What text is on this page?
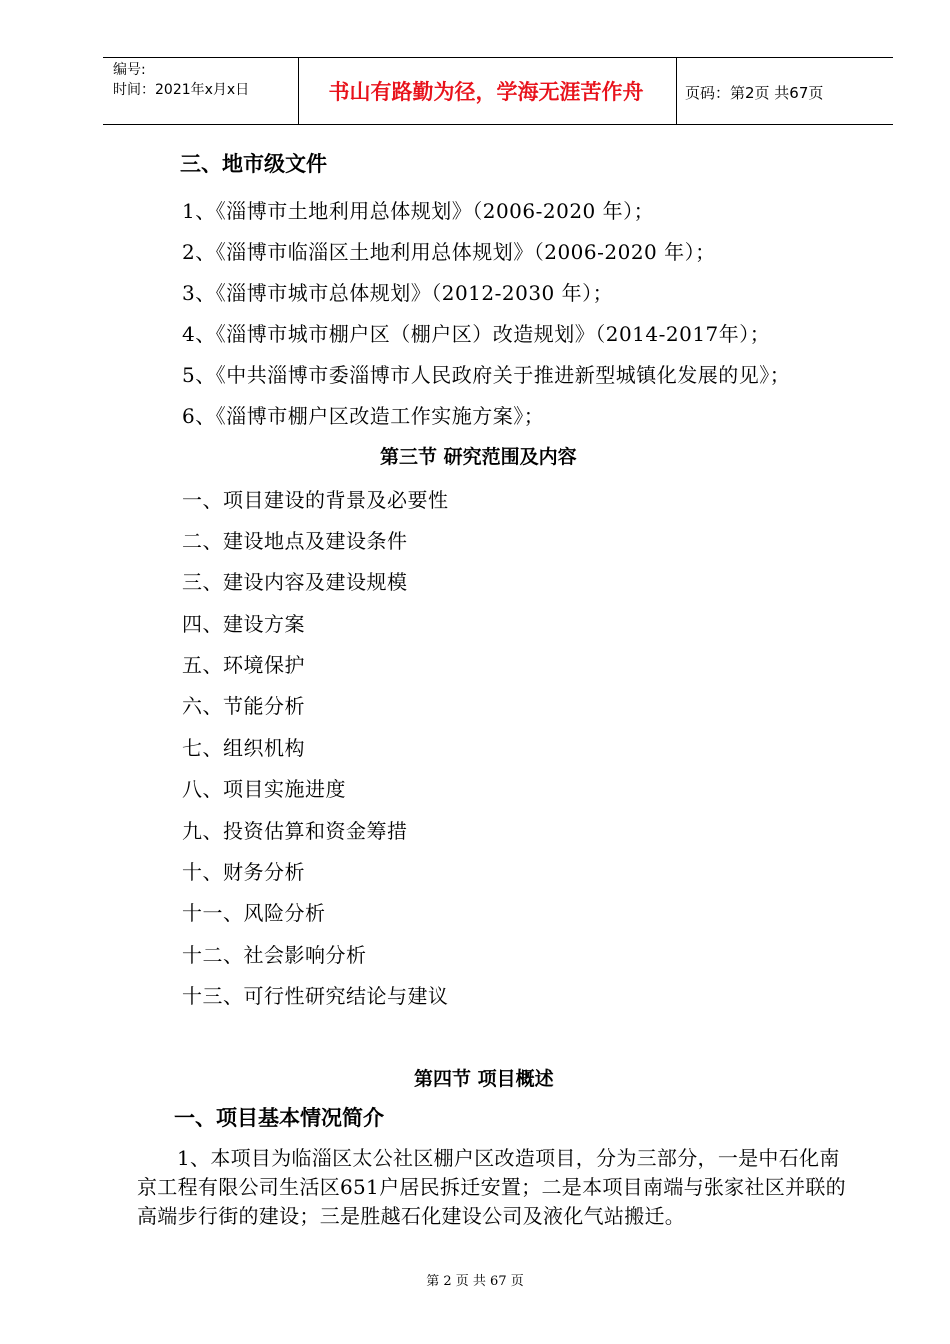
编号:
时间：2021年x月x日	书山有路勤为径，学海无涯苦作舟	页码：第2页 共67页
三、地市级文件
1、《淄博市土地利用总体规划》（2006-2020 年）；
2、《淄博市临淄区土地利用总体规划》（2006-2020 年）；
3、《淄博市城市总体规划》（2012-2030 年）；
4、《淄博市城市棚户区（棚户区）改造规划》（2014-2017年）；
5、《中共淄博市委淄博市人民政府关于推进新型城镇化发展的见》；
6、《淄博市棚户区改造工作实施方案》；
第三节 研究范围及内容
一、项目建设的背景及必要性
二、建设地点及建设条件
三、建设内容及建设规模
四、建设方案
五、环境保护
六、节能分析
七、组织机构
八、项目实施进度
九、投资估算和资金筹措
十、财务分析
十一、风险分析
十二、社会影响分析
十三、可行性研究结论与建议
第四节 项目概述
一、项目基本情况简介
1、本项目为临淄区太公社区棚户区改造项目，分为三部分，一是中石化南京工程有限公司生活区651户居民拆迁安置；二是本项目南端与张家社区并联的高端步行街的建设；三是胜越石化建设公司及液化气站搬迁。
第 2 页 共 67 页
